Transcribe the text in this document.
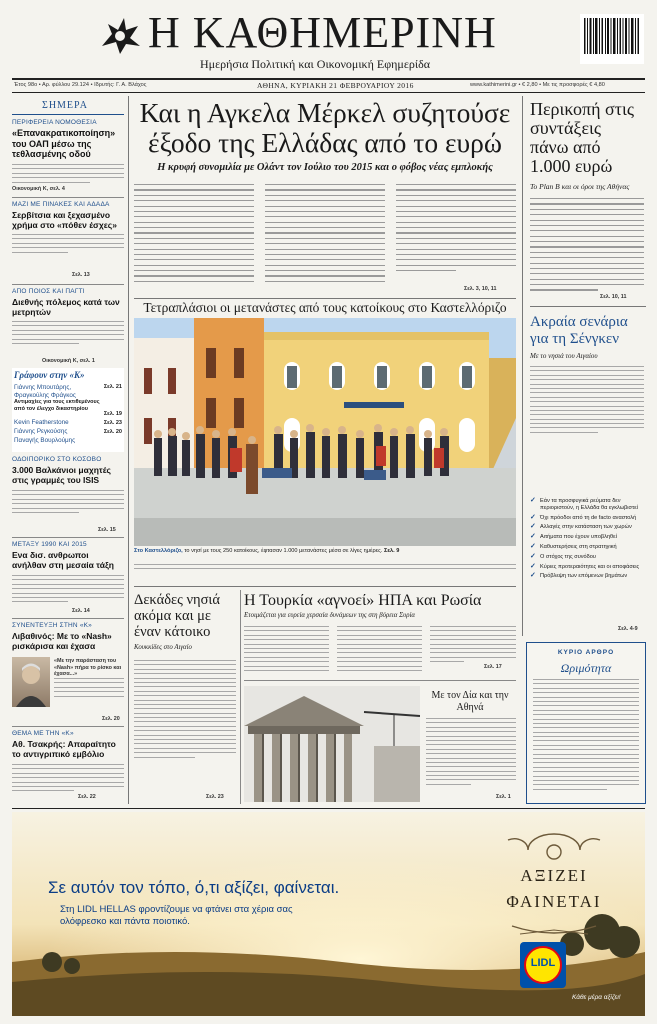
Η ΚΑΘΗΜΕΡΙΝΗ
Ημερήσια Πολιτική και Οικονομική Εφημερίδα
Έτος 98ο • Αρ. φύλλου 29.124 • Ιδρυτής: Γ. Α. Βλάχος	ΑΘΗΝΑ, ΚΥΡΙΑΚΗ 21 ΦΕΒΡΟΥΑΡΙΟΥ 2016	www.kathimerini.gr • € 2,80 • Με τις προσφορές € 4,80
ΣΗΜΕΡΑ
ΠΕΡΙΦΕΡΕΙΑ ΝΟΜΟΘΕΣΙΑ
«Επανακρατικοποίηση» του ΟΑΠ μέσω της τεθλασμένης οδού
Οικονομική Κ, σελ. 4
ΜΑΖΙ ΜΕ ΠΙΝΑΚΕΣ ΚΑΙ ΑΔΑΔΑ
Σερβίτσια και ξεχασμένο χρήμα στο «πόθεν έσχες»
Σελ. 13
ΑΠΟ ΠΟΙΟΣ ΚΑΙ ΠΑΓΤΙ
Διεθνής πόλεμος κατά των μετρητών
Οικονομική Κ, σελ. 1
Γράφουν στην «Κ»
Γιάννης Μπουτάρης, Φραγκούλης Φράγκος
Αντιμαχίες για τους εκτιθεμένους από τον έλεγχο δικαστηρίου
Σελ. 21
Kevin Featherstone
Σελ. 19
Γιάννης Ρεγκούσης
Σελ. 23
Παναγής Βουρλούμης
Σελ. 20
ΟΔΟΙΠΟΡΙΚΟ ΣΤΟ ΚΟΣΟΒΟ
3.000 Βαλκάνιοι μαχητές στις γραμμές του ISIS
Σελ. 15
ΜΕΤΑΞΥ 1990 ΚΑΙ 2015
Ενα δισ. ανθρωποι ανήλθαν στη μεσαία τάξη
Σελ. 14
ΣΥΝΕΝΤΕΥΞΗ ΣΤΗΝ «Κ»
Λιβαθινός: Με το «Nash» ρισκάρισα και έχασα
«Με την παράσταση του «Nash» πήρα το ρίσκο και έχασα...»
Σελ. 20
ΘΕΜΑ ΜΕ ΤΗΝ «Κ»
Αθ. Τσακρής: Απαραίτητο το αντιγριπικό εμβόλιο
Σελ. 22
Και η Αγκελα Μέρκελ συζητούσε
έξοδο της Ελλάδας από το ευρώ
Η κρυφή συνομιλία με Ολάντ τον Ιούλιο του 2015 και ο φόβος νέας εμπλοκής
Σελ. 3, 10, 11
Περικοπή στις συντάξεις πάνω από 1.000 ευρώ
Το Plan B και οι όροι της Αθήνας
Σελ. 10, 11
Τετραπλάσιοι οι μετανάστες από τους κατοίκους στο Καστελλόριζο
Στο Καστελλόριζο, το νησί με τους 250 κατοίκους, έφτασαν 1.000 μετανάστες μέσα σε λίγες ημέρες. Σελ. 9
Ακραία σενάρια για τη Σένγκεν
Με το νησιά του Αιγαίου
✓ Εάν τα προσφυγικά ρεύματα δεν περιοριστούν, η Ελλάδα θα εγκλωβιστεί
✓ Όχι πρόοδοι από τη de facto αναστολή
✓ Αλλαγές στην κατάσταση των χωρών
✓ Αιτήματα που έχουν υποβληθεί
✓ Καθυστερήσεις στη στρατηγική
✓ Ο στόχος της συνόδου
✓ Κύριες προτεραιότητες και οι αποφάσεις
✓ Πρόβλεψη των επόμενων βημάτων
Σελ. 4-9
Δεκάδες νησιά ακόμα και με έναν κάτοικο
Κουκκίδες στο Αιγαίο
Σελ. 23
Η Τουρκία «αγνοεί» ΗΠΑ και Ρωσία
Ετοιμάζεται για ευρεία χερσαία δυνάμεων της στη βόρεια Συρία
Σελ. 17
Με τον Δία και την Αθηνά
Σελ. 1
ΚΥΡΙΟ ΑΡΘΡΟ
Ωριμότητα
Σε αυτόν τον τόπο, ό,τι αξίζει, φαίνεται.
Στη LIDL HELLAS φροντίζουμε να φτάνει στα χέρια σας ολόφρεσκο και πάντα ποιοτικό.
ΑΞΙΖΕΙ
ΦΑΙΝΕΤΑΙ
LIDL
Κάθε μέρα αξίζει!
